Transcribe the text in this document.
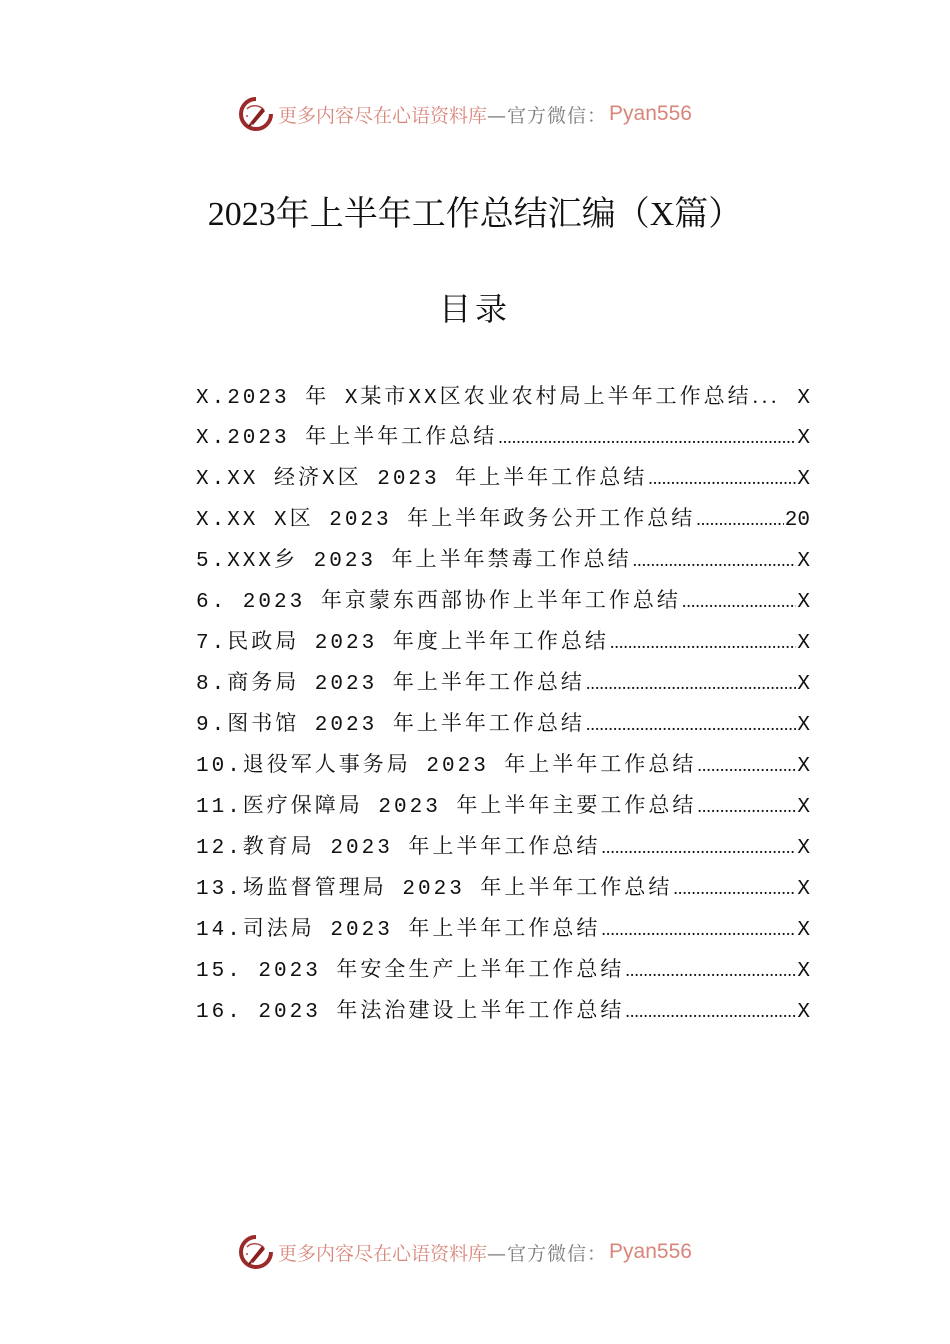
更多内容尽在心语资料库 —官方微信： Pyan556
2023年上半年工作总结汇编（X篇）
目录
X.2023 年 X某市XX区农业农村局上半年工作总结 ... X
X.2023 年上半年工作总结 .....	X
X.XX 经济X区 2023 年上半年工作总结 .....	X
X.XX X区 2023 年上半年政务公开工作总结 .....	20
5.XXX乡 2023 年上半年禁毒工作总结 .....	X
6. 2023 年京蒙东西部协作上半年工作总结 .....	X
7.民政局 2023 年度上半年工作总结 .....	X
8.商务局 2023 年上半年工作总结 .....	X
9.图书馆 2023 年上半年工作总结 .....	X
10.退役军人事务局 2023 年上半年工作总结 .....	X
11.医疗保障局 2023 年上半年主要工作总结 .....	X
12.教育局 2023 年上半年工作总结 .....	X
13.场监督管理局 2023 年上半年工作总结 .....	X
14.司法局 2023 年上半年工作总结 .....	X
15. 2023 年安全生产上半年工作总结 .....	X
16. 2023 年法治建设上半年工作总结 .....	X
更多内容尽在心语资料库 —官方微信： Pyan556
